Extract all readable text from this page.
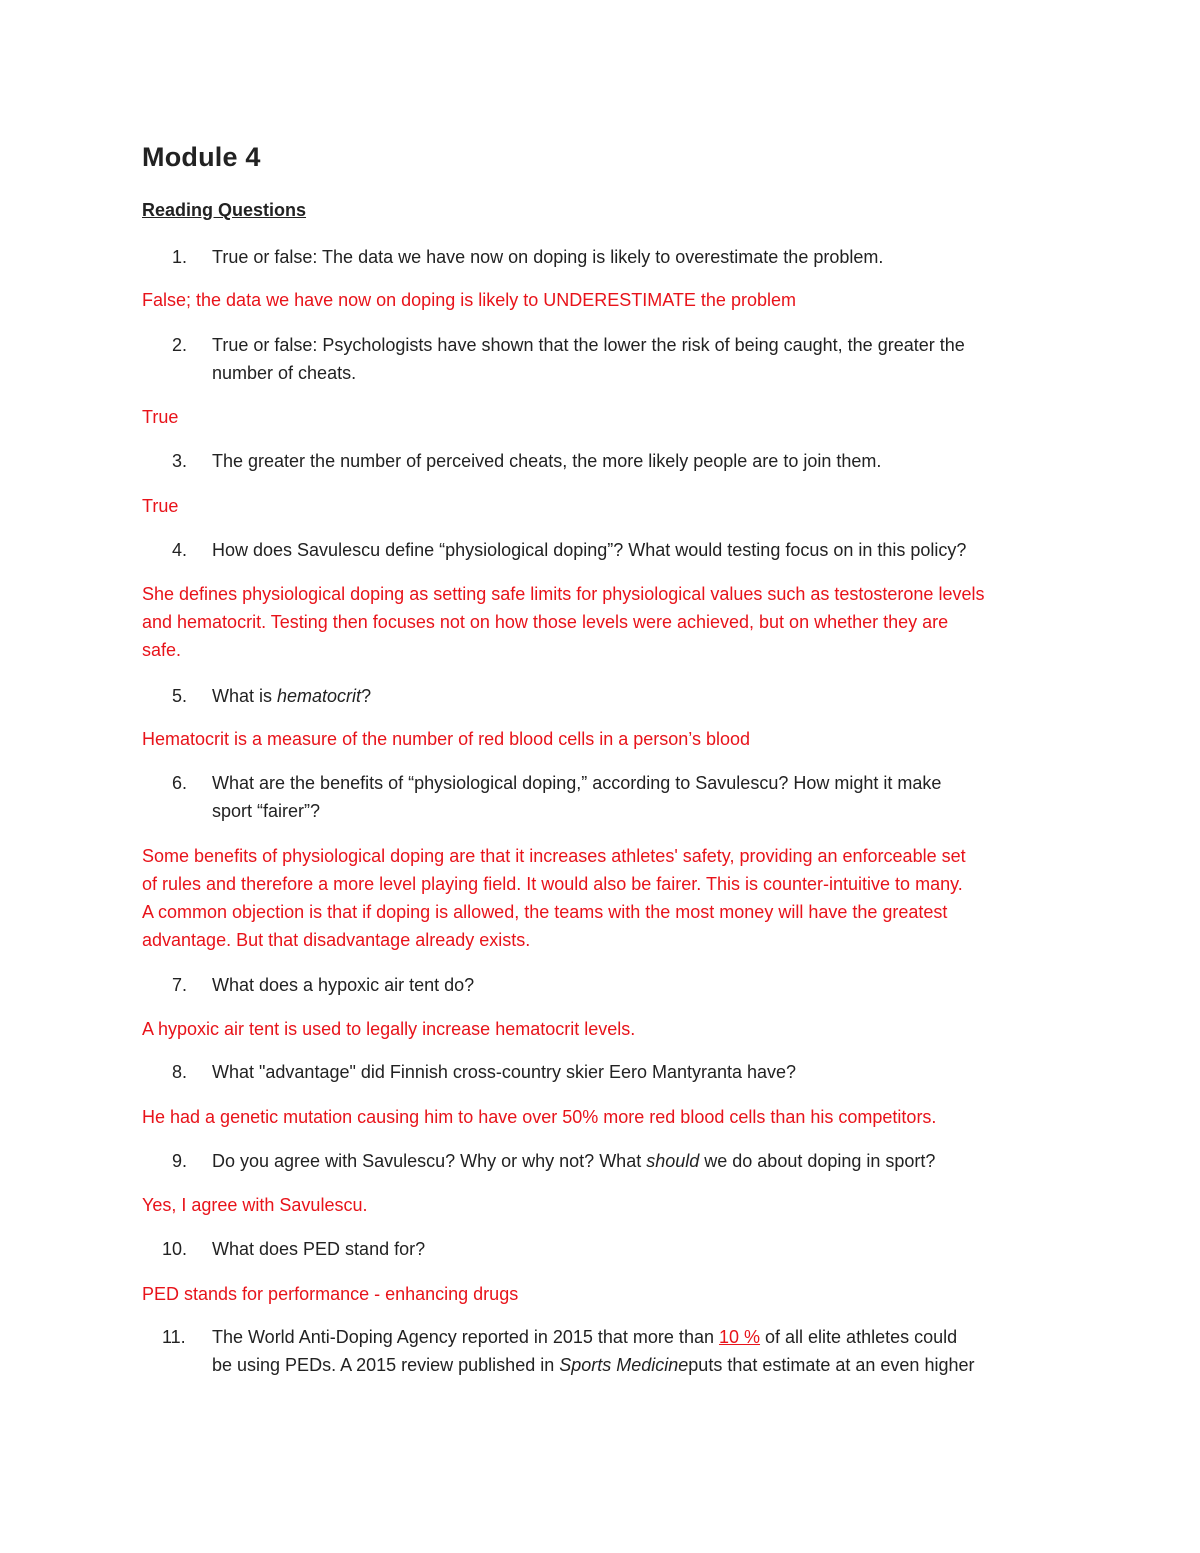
Module 4
Reading Questions
1.	True or false: The data we have now on doping is likely to overestimate the problem.
False; the data we have now on doping is likely to UNDERESTIMATE the problem
2.	True or false: Psychologists have shown that the lower the risk of being caught, the greater the
number of cheats.
True
3.	The greater the number of perceived cheats, the more likely people are to join them.
True
4.	How does Savulescu define “physiological doping”? What would testing focus on in this policy?
She defines physiological doping as setting safe limits for physiological values such as testosterone levels
and hematocrit. Testing then focuses not on how those levels were achieved, but on whether they are
safe.
5.	What is hematocrit?
Hematocrit is a measure of the number of red blood cells in a person’s blood
6.	What are the benefits of “physiological doping,” according to Savulescu? How might it make
sport “fairer”?
Some benefits of physiological doping are that it increases athletes' safety, providing an enforceable set
of rules and therefore a more level playing field. It would also be fairer. This is counter-intuitive to many.
A common objection is that if doping is allowed, the teams with the most money will have the greatest
advantage. But that disadvantage already exists.
7.	What does a hypoxic air tent do?
A hypoxic air tent is used to legally increase hematocrit levels.
8.	What "advantage" did Finnish cross-country skier Eero Mantyranta have?
He had a genetic mutation causing him to have over 50% more red blood cells than his competitors.
9.	Do you agree with Savulescu? Why or why not? What should we do about doping in sport?
Yes, I agree with Savulescu.
10.	What does PED stand for?
PED stands for performance - enhancing drugs
11.	The World Anti-Doping Agency reported in 2015 that more than 10 % of all elite athletes could
be using PEDs. A 2015 review published in Sports Medicineputs that estimate at an even higher
